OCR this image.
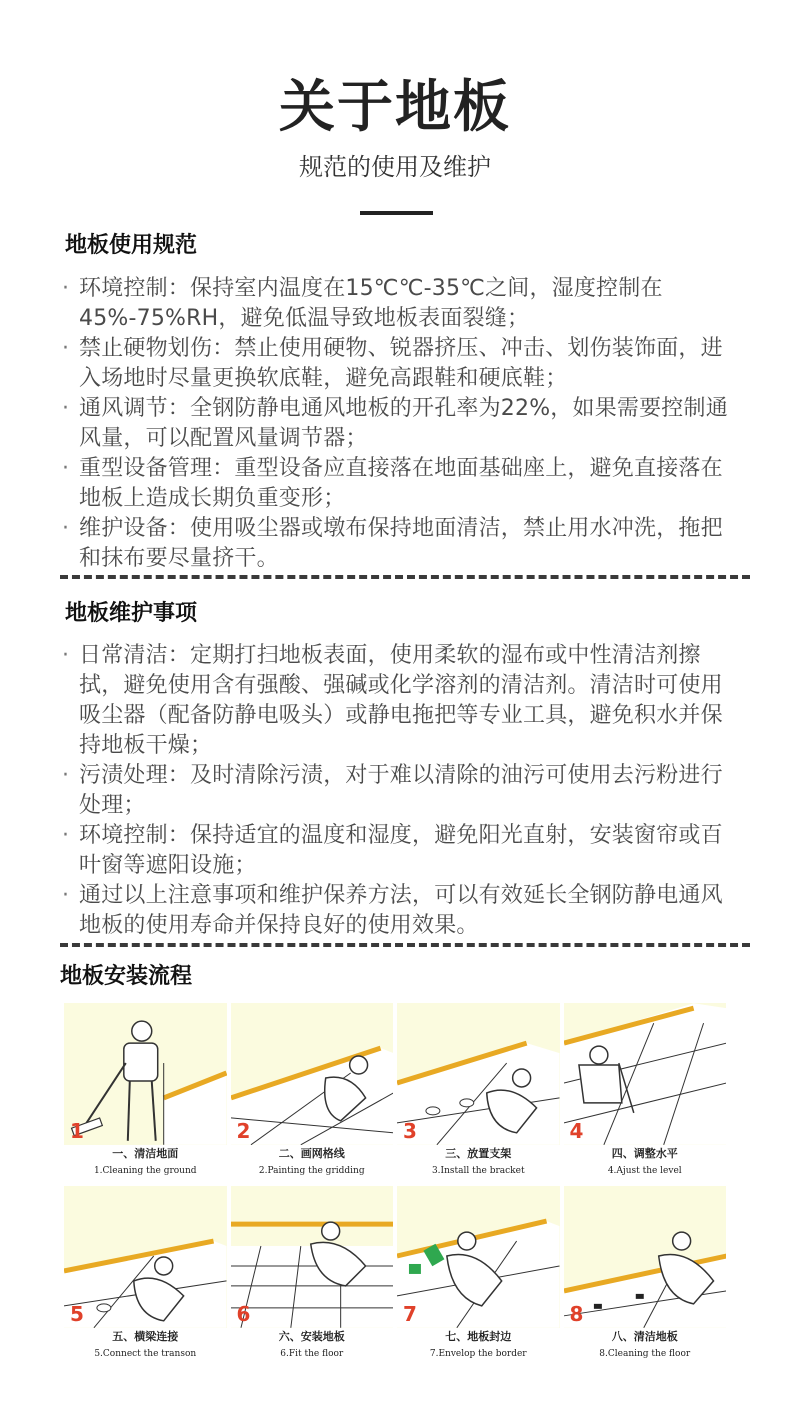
关于地板
规范的使用及维护
地板使用规范
· 环境控制：保持室内温度在15℃℃-35℃之间，湿度控制在45%-75%RH，避免低温导致地板表面裂缝；
· 禁止硬物划伤：禁止使用硬物、锐器挤压、冲击、划伤装饰面，进入场地时尽量更换软底鞋，避免高跟鞋和硬底鞋；
· 通风调节：全钢防静电通风地板的开孔率为22%，如果需要控制通风量，可以配置风量调节器；
· 重型设备管理：重型设备应直接落在地面基础座上，避免直接落在地板上造成长期负重变形；
· 维护设备：使用吸尘器或墩布保持地面清洁，禁止用水冲洗，拖把和抹布要尽量挤干。
地板维护事项
· 日常清洁：定期打扫地板表面，使用柔软的湿布或中性清洁剂擦拭，避免使用含有强酸、强碱或化学溶剂的清洁剂。清洁时可使用吸尘器（配备防静电吸头）或静电拖把等专业工具，避免积水并保持地板干燥；
· 污渍处理：及时清除污渍，对于难以清除的油污可使用去污粉进行处理；
· 环境控制：保持适宜的温度和湿度，避免阳光直射，安装窗帘或百叶窗等遮阳设施；
· 通过以上注意事项和维护保养方法，可以有效延长全钢防静电通风地板的使用寿命并保持良好的使用效果。
地板安装流程
1
一、清洁地面
1.Cleaning the ground
2
二、画网格线
2.Painting the gridding
3
三、放置支架
3.Install the bracket
4
四、调整水平
4.Ajust the level
5
五、横梁连接
5.Connect the transon
6
六、安装地板
6.Fit the floor
7
七、地板封边
7.Envelop the border
8
八、清洁地板
8.Cleaning the floor
